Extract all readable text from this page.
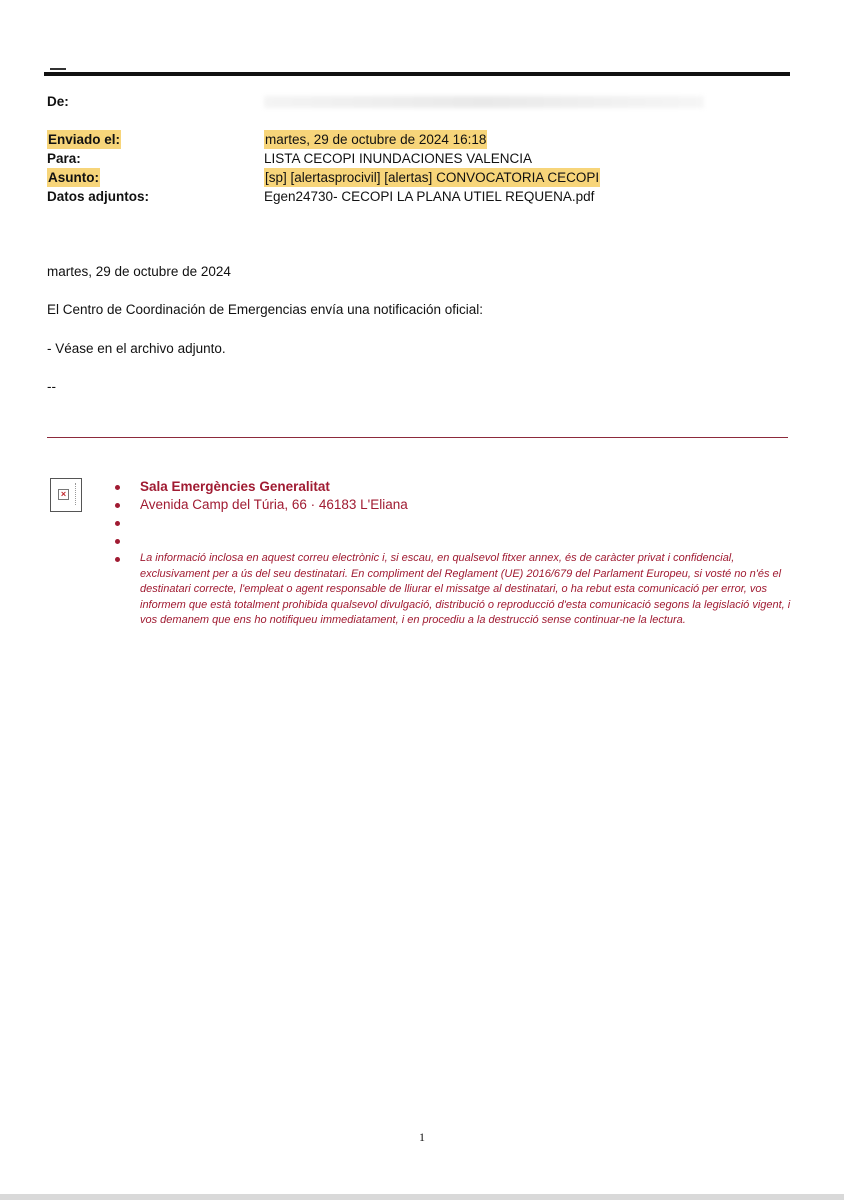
De:
Enviado el:	martes, 29 de octubre de 2024 16:18
Para:	LISTA CECOPI INUNDACIONES VALENCIA
Asunto:	[sp] [alertasprocivil] [alertas] CONVOCATORIA CECOPI
Datos adjuntos:	Egen24730- CECOPI LA PLANA UTIEL REQUENA.pdf
martes, 29 de octubre de 2024
El Centro de Coordinación de Emergencias envía una notificación oficial:
- Véase en el archivo adjunto.
--
×	Sala Emergències Generalitat
Avenida Camp del Túria, 66 · 46183 L'Eliana
La informació inclosa en aquest correu electrònic i, si escau, en qualsevol fitxer annex, és de caràcter privat i confidencial, exclusivament per a ús del seu destinatari. En compliment del Reglament (UE) 2016/679 del Parlament Europeu, si vosté no n'és el destinatari correcte, l'empleat o agent responsable de lliurar el missatge al destinatari, o ha rebut esta comunicació per error, vos informem que està totalment prohibida qualsevol divulgació, distribució o reproducció d'esta comunicació segons la legislació vigent, i vos demanem que ens ho notifiqueu immediatament, i en procediu a la destrucció sense continuar-ne la lectura.
1
